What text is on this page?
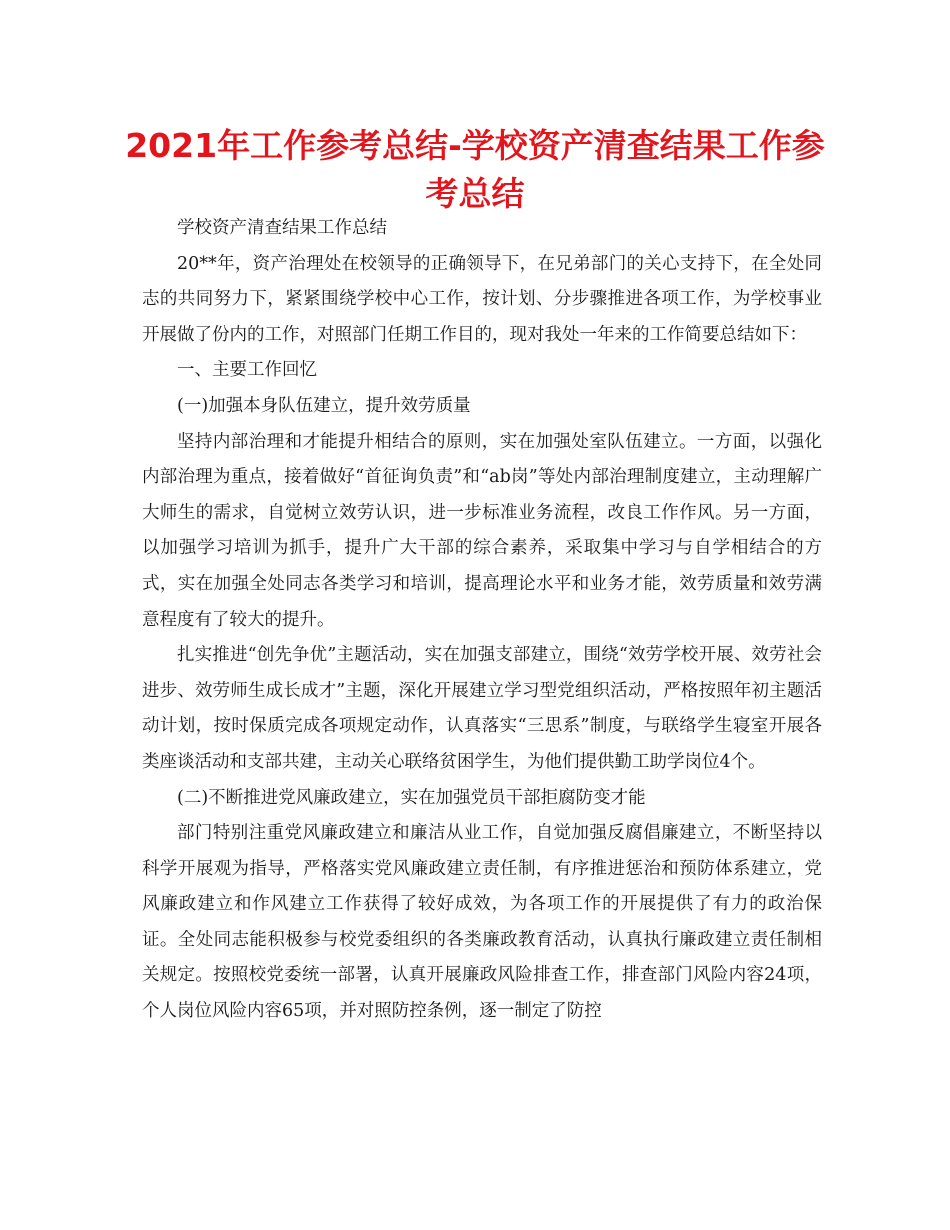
2021年工作参考总结-学校资产清查结果工作参考总结

学校资产清查结果工作总结

20**年，资产治理处在校领导的正确领导下，在兄弟部门的关心支持下，在全处同志的共同努力下，紧紧围绕学校中心工作，按计划、分步骤推进各项工作，为学校事业开展做了份内的工作，对照部门任期工作目的，现对我处一年来的工作简要总结如下：

一、主要工作回忆

(一)加强本身队伍建立，提升效劳质量

坚持内部治理和才能提升相结合的原则，实在加强处室队伍建立。一方面，以强化内部治理为重点，接着做好“首征询负责”和“ab岗”等处内部治理制度建立，主动理解广大师生的需求，自觉树立效劳认识，进一步标准业务流程，改良工作作风。另一方面，以加强学习培训为抓手，提升广大干部的综合素养，采取集中学习与自学相结合的方式，实在加强全处同志各类学习和培训，提高理论水平和业务才能，效劳质量和效劳满意程度有了较大的提升。

扎实推进“创先争优”主题活动，实在加强支部建立，围绕“效劳学校开展、效劳社会进步、效劳师生成长成才”主题，深化开展建立学习型党组织活动，严格按照年初主题活动计划，按时保质完成各项规定动作，认真落实“三思系”制度，与联络学生寝室开展各类座谈活动和支部共建，主动关心联络贫困学生，为他们提供勤工助学岗位4个。

(二)不断推进党风廉政建立，实在加强党员干部拒腐防变才能

部门特别注重党风廉政建立和廉洁从业工作，自觉加强反腐倡廉建立，不断坚持以科学开展观为指导，严格落实党风廉政建立责任制，有序推进惩治和预防体系建立，党风廉政建立和作风建立工作获得了较好成效，为各项工作的开展提供了有力的政治保证。全处同志能积极参与校党委组织的各类廉政教育活动，认真执行廉政建立责任制相关规定。按照校党委统一部署，认真开展廉政风险排查工作，排查部门风险内容24项，个人岗位风险内容65项，并对照防控条例，逐一制定了防控
